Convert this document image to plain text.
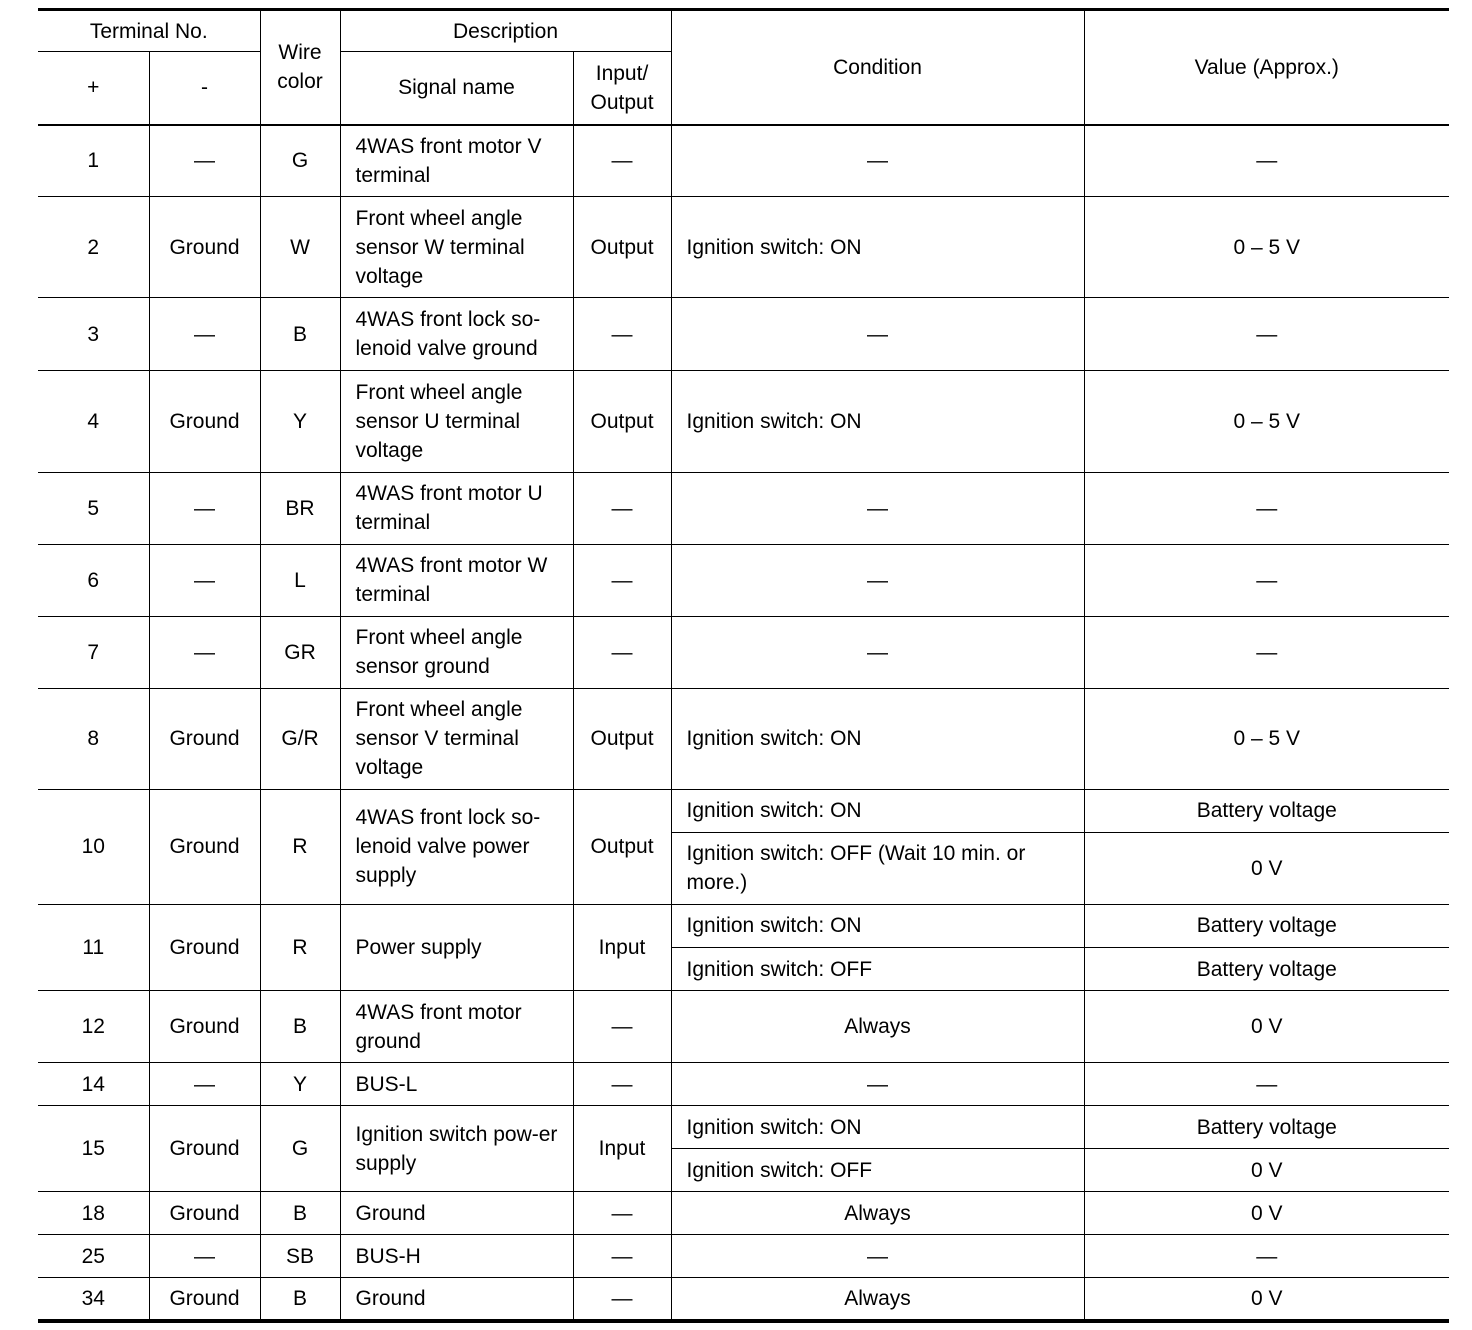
Terminal No.		Wire color	Description		Condition	Value (Approx.)
+	-		Signal name	Input/ Output		
1	—	G	4WAS front motor V terminal	—	—	—
2	Ground	W	Front wheel angle sensor W terminal voltage	Output	Ignition switch: ON	0 – 5 V
3	—	B	4WAS front lock so-lenoid valve ground	—	—	—
4	Ground	Y	Front wheel angle sensor U terminal voltage	Output	Ignition switch: ON	0 – 5 V
5	—	BR	4WAS front motor U terminal	—	—	—
6	—	L	4WAS front motor W terminal	—	—	—
7	—	GR	Front wheel angle sensor ground	—	—	—
8	Ground	G/R	Front wheel angle sensor V terminal voltage	Output	Ignition switch: ON	0 – 5 V
10	Ground	R	4WAS front lock so-lenoid valve power supply	Output	Ignition switch: ON	Battery voltage
					Ignition switch: OFF (Wait 10 min. or more.)	0 V
11	Ground	R	Power supply	Input	Ignition switch: ON	Battery voltage
					Ignition switch: OFF	Battery voltage
12	Ground	B	4WAS front motor ground	—	Always	0 V
14	—	Y	BUS-L	—	—	—
15	Ground	G	Ignition switch pow-er supply	Input	Ignition switch: ON	Battery voltage
					Ignition switch: OFF	0 V
18	Ground	B	Ground	—	Always	0 V
25	—	SB	BUS-H	—	—	—
34	Ground	B	Ground	—	Always	0 V
